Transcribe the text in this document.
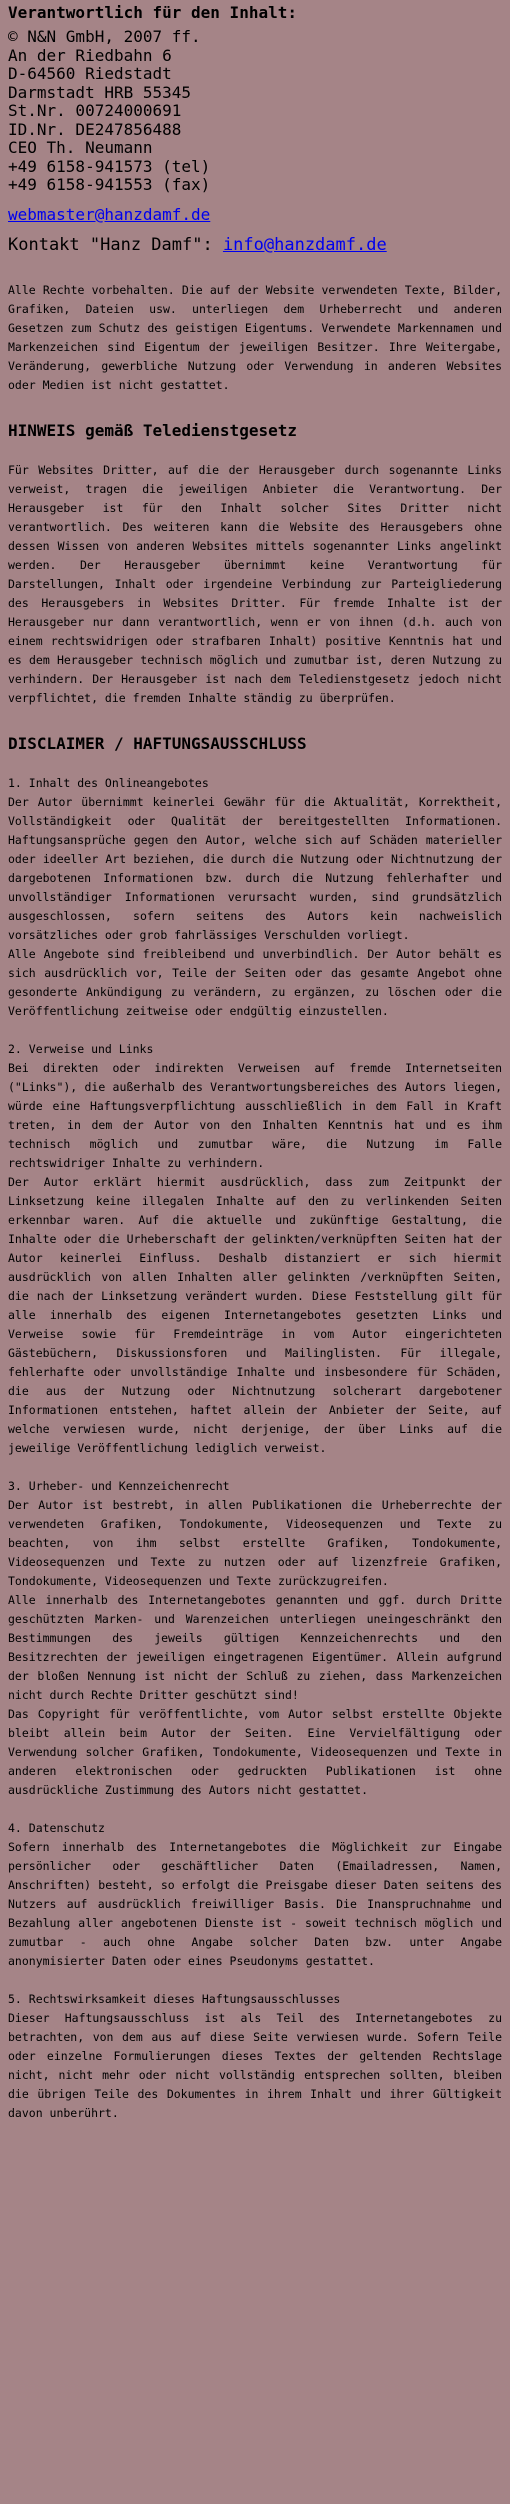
Verantwortlich für den Inhalt:
© N&N GmbH, 2007 ff.
An der Riedbahn 6
D-64560 Riedstadt
Darmstadt HRB 55345
St.Nr. 00724000691
ID.Nr. DE247856488
CEO Th. Neumann
+49 6158-941573 (tel)
+49 6158-941553 (fax)
webmaster@hanzdamf.de
Kontakt "Hanz Damf": info@hanzdamf.de

Alle Rechte vorbehalten. Die auf der Website verwendeten Texte, Bilder, Grafiken, Dateien usw. unterliegen dem Urheberrecht und anderen Gesetzen zum Schutz des geistigen Eigentums. Verwendete Markennamen und Markenzeichen sind Eigentum der jeweiligen Besitzer. Ihre Weitergabe, Veränderung, gewerbliche Nutzung oder Verwendung in anderen Websites oder Medien ist nicht gestattet.

HINWEIS gemäß Teledienstgesetz

Für Websites Dritter, auf die der Herausgeber durch sogenannte Links verweist, tragen die jeweiligen Anbieter die Verantwortung. Der Herausgeber ist für den Inhalt solcher Sites Dritter nicht verantwortlich. Des weiteren kann die Website des Herausgebers ohne dessen Wissen von anderen Websites mittels sogenannter Links angelinkt werden. Der Herausgeber übernimmt keine Verantwortung für Darstellungen, Inhalt oder irgendeine Verbindung zur Parteigliederung des Herausgebers in Websites Dritter. Für fremde Inhalte ist der Herausgeber nur dann verantwortlich, wenn er von ihnen (d.h. auch von einem rechtswidrigen oder strafbaren Inhalt) positive Kenntnis hat und es dem Herausgeber technisch möglich und zumutbar ist, deren Nutzung zu verhindern. Der Herausgeber ist nach dem Teledienstgesetz jedoch nicht verpflichtet, die fremden Inhalte ständig zu überprüfen.

DISCLAIMER / HAFTUNGSAUSSCHLUSS

1. Inhalt des Onlineangebotes

Der Autor übernimmt keinerlei Gewähr für die Aktualität, Korrektheit, Vollständigkeit oder Qualität der bereitgestellten Informationen. Haftungsansprüche gegen den Autor, welche sich auf Schäden materieller oder ideeller Art beziehen, die durch die Nutzung oder Nichtnutzung der dargebotenen Informationen bzw. durch die Nutzung fehlerhafter und unvollständiger Informationen verursacht wurden, sind grundsätzlich ausgeschlossen, sofern seitens des Autors kein nachweislich vorsätzliches oder grob fahrlässiges Verschulden vorliegt.

Alle Angebote sind freibleibend und unverbindlich. Der Autor behält es sich ausdrücklich vor, Teile der Seiten oder das gesamte Angebot ohne gesonderte Ankündigung zu verändern, zu ergänzen, zu löschen oder die Veröffentlichung zeitweise oder endgültig einzustellen.

2. Verweise und Links

Bei direkten oder indirekten Verweisen auf fremde Internetseiten ("Links"), die außerhalb des Verantwortungsbereiches des Autors liegen, würde eine Haftungsverpflichtung ausschließlich in dem Fall in Kraft treten, in dem der Autor von den Inhalten Kenntnis hat und es ihm technisch möglich und zumutbar wäre, die Nutzung im Falle rechtswidriger Inhalte zu verhindern.

Der Autor erklärt hiermit ausdrücklich, dass zum Zeitpunkt der Linksetzung keine illegalen Inhalte auf den zu verlinkenden Seiten erkennbar waren. Auf die aktuelle und zukünftige Gestaltung, die Inhalte oder die Urheberschaft der gelinkten/verknüpften Seiten hat der Autor keinerlei Einfluss. Deshalb distanziert er sich hiermit ausdrücklich von allen Inhalten aller gelinkten /verknüpften Seiten, die nach der Linksetzung verändert wurden. Diese Feststellung gilt für alle innerhalb des eigenen Internetangebotes gesetzten Links und Verweise sowie für Fremdeinträge in vom Autor eingerichteten Gästebüchern, Diskussionsforen und Mailinglisten. Für illegale, fehlerhafte oder unvollständige Inhalte und insbesondere für Schäden, die aus der Nutzung oder Nichtnutzung solcherart dargebotener Informationen entstehen, haftet allein der Anbieter der Seite, auf welche verwiesen wurde, nicht derjenige, der über Links auf die jeweilige Veröffentlichung lediglich verweist.

3. Urheber- und Kennzeichenrecht

Der Autor ist bestrebt, in allen Publikationen die Urheberrechte der verwendeten Grafiken, Tondokumente, Videosequenzen und Texte zu beachten, von ihm selbst erstellte Grafiken, Tondokumente, Videosequenzen und Texte zu nutzen oder auf lizenzfreie Grafiken, Tondokumente, Videosequenzen und Texte zurückzugreifen.

Alle innerhalb des Internetangebotes genannten und ggf. durch Dritte geschützten Marken- und Warenzeichen unterliegen uneingeschränkt den Bestimmungen des jeweils gültigen Kennzeichenrechts und den Besitzrechten der jeweiligen eingetragenen Eigentümer. Allein aufgrund der bloßen Nennung ist nicht der Schluß zu ziehen, dass Markenzeichen nicht durch Rechte Dritter geschützt sind!

Das Copyright für veröffentlichte, vom Autor selbst erstellte Objekte bleibt allein beim Autor der Seiten. Eine Vervielfältigung oder Verwendung solcher Grafiken, Tondokumente, Videosequenzen und Texte in anderen elektronischen oder gedruckten Publikationen ist ohne ausdrückliche Zustimmung des Autors nicht gestattet.

4. Datenschutz

Sofern innerhalb des Internetangebotes die Möglichkeit zur Eingabe persönlicher oder geschäftlicher Daten (Emailadressen, Namen, Anschriften) besteht, so erfolgt die Preisgabe dieser Daten seitens des Nutzers auf ausdrücklich freiwilliger Basis. Die Inanspruchnahme und Bezahlung aller angebotenen Dienste ist - soweit technisch möglich und zumutbar - auch ohne Angabe solcher Daten bzw. unter Angabe anonymisierter Daten oder eines Pseudonyms gestattet.

5. Rechtswirksamkeit dieses Haftungsausschlusses

Dieser Haftungsausschluss ist als Teil des Internetangebotes zu betrachten, von dem aus auf diese Seite verwiesen wurde. Sofern Teile oder einzelne Formulierungen dieses Textes der geltenden Rechtslage nicht, nicht mehr oder nicht vollständig entsprechen sollten, bleiben die übrigen Teile des Dokumentes in ihrem Inhalt und ihrer Gültigkeit davon unberührt.
